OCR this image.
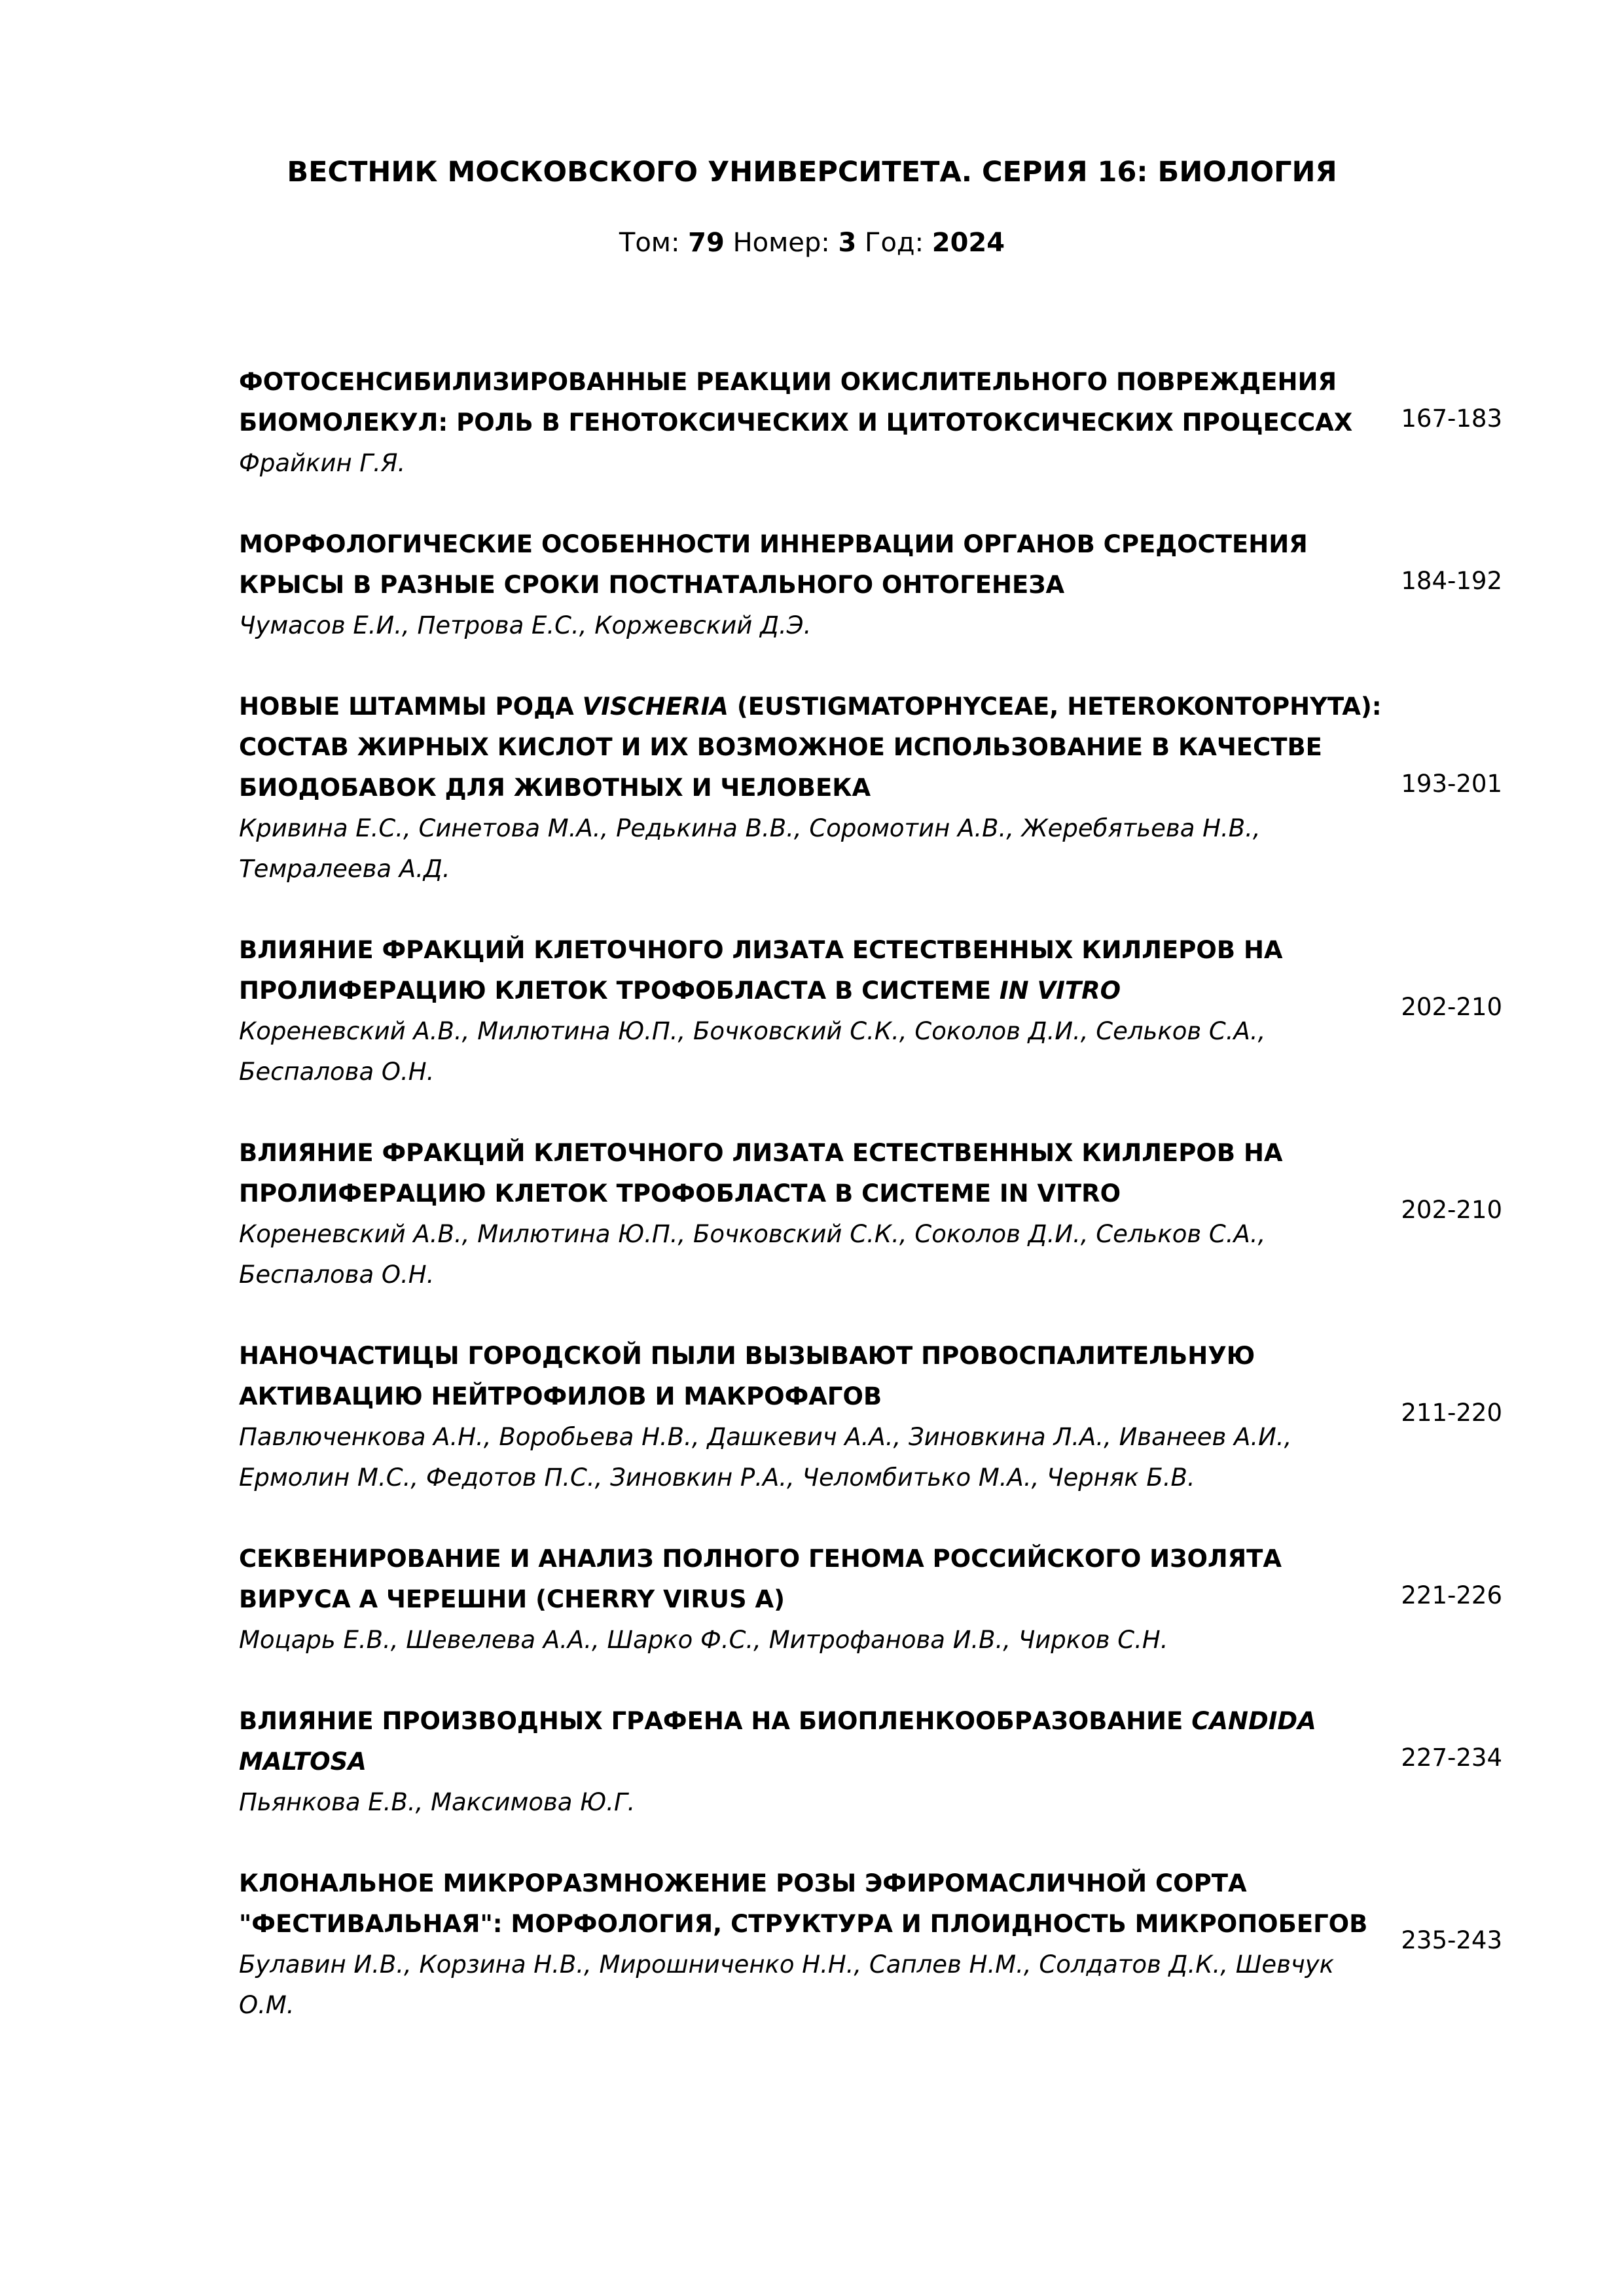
ВЕСТНИК МОСКОВСКОГО УНИВЕРСИТЕТА. СЕРИЯ 16: БИОЛОГИЯ
Том: 79 Номер: 3 Год: 2024

ФОТОСЕНСИБИЛИЗИРОВАННЫЕ РЕАКЦИИ ОКИСЛИТЕЛЬНОГО ПОВРЕЖДЕНИЯ БИОМОЛЕКУЛ: РОЛЬ В ГЕНОТОКСИЧЕСКИХ И ЦИТОТОКСИЧЕСКИХ ПРОЦЕССАХ

Фрайкин Г.Я.

167-183

МОРФОЛОГИЧЕСКИЕ ОСОБЕННОСТИ ИННЕРВАЦИИ ОРГАНОВ СРЕДОСТЕНИЯ КРЫСЫ В РАЗНЫЕ СРОКИ ПОСТНАТАЛЬНОГО ОНТОГЕНЕЗА

Чумасов Е.И., Петрова Е.С., Коржевский Д.Э.

184-192

НОВЫЕ ШТАММЫ РОДА VISCHERIA (EUSTIGMATOPHYCEAE, HETEROKONTOPHYTA): СОСТАВ ЖИРНЫХ КИСЛОТ И ИХ ВОЗМОЖНОЕ ИСПОЛЬЗОВАНИЕ В КАЧЕСТВЕ БИОДОБАВОК ДЛЯ ЖИВОТНЫХ И ЧЕЛОВЕКА

Кривина Е.С., Синетова М.А., Редькина В.В., Соромотин А.В., Жеребятьева Н.В., Темралеева А.Д.

193-201

ВЛИЯНИЕ ФРАКЦИЙ КЛЕТОЧНОГО ЛИЗАТА ЕСТЕСТВЕННЫХ КИЛЛЕРОВ НА ПРОЛИФЕРАЦИЮ КЛЕТОК ТРОФОБЛАСТА В СИСТЕМЕ IN VITRO

Кореневский А.В., Милютина Ю.П., Бочковский С.К., Соколов Д.И., Сельков С.А., Беспалова О.Н.

202-210

ВЛИЯНИЕ ФРАКЦИЙ КЛЕТОЧНОГО ЛИЗАТА ЕСТЕСТВЕННЫХ КИЛЛЕРОВ НА ПРОЛИФЕРАЦИЮ КЛЕТОК ТРОФОБЛАСТА В СИСТЕМЕ IN VITRO

Кореневский А.В., Милютина Ю.П., Бочковский С.К., Соколов Д.И., Сельков С.А., Беспалова О.Н.

202-210

НАНОЧАСТИЦЫ ГОРОДСКОЙ ПЫЛИ ВЫЗЫВАЮТ ПРОВОСПАЛИТЕЛЬНУЮ АКТИВАЦИЮ НЕЙТРОФИЛОВ И МАКРОФАГОВ

Павлюченкова А.Н., Воробьева Н.В., Дашкевич А.А., Зиновкина Л.А., Иванеев А.И., Ермолин М.С., Федотов П.С., Зиновкин Р.А., Челомбитько М.А., Черняк Б.В.

211-220

СЕКВЕНИРОВАНИЕ И АНАЛИЗ ПОЛНОГО ГЕНОМА РОССИЙСКОГО ИЗОЛЯТА ВИРУСА А ЧЕРЕШНИ (CHERRY VIRUS A)

Моцарь Е.В., Шевелева А.А., Шарко Ф.С., Митрофанова И.В., Чирков С.Н.

221-226

ВЛИЯНИЕ ПРОИЗВОДНЫХ ГРАФЕНА НА БИОПЛЕНКООБРАЗОВАНИЕ CANDIDA MALTOSA

Пьянкова Е.В., Максимова Ю.Г.

227-234

КЛОНАЛЬНОЕ МИКРОРАЗМНОЖЕНИЕ РОЗЫ ЭФИРОМАСЛИЧНОЙ СОРТА "ФЕСТИВАЛЬНАЯ": МОРФОЛОГИЯ, СТРУКТУРА И ПЛОИДНОСТЬ МИКРОПОБЕГОВ

Булавин И.В., Корзина Н.В., Мирошниченко Н.Н., Саплев Н.М., Солдатов Д.К., Шевчук О.М.

235-243
